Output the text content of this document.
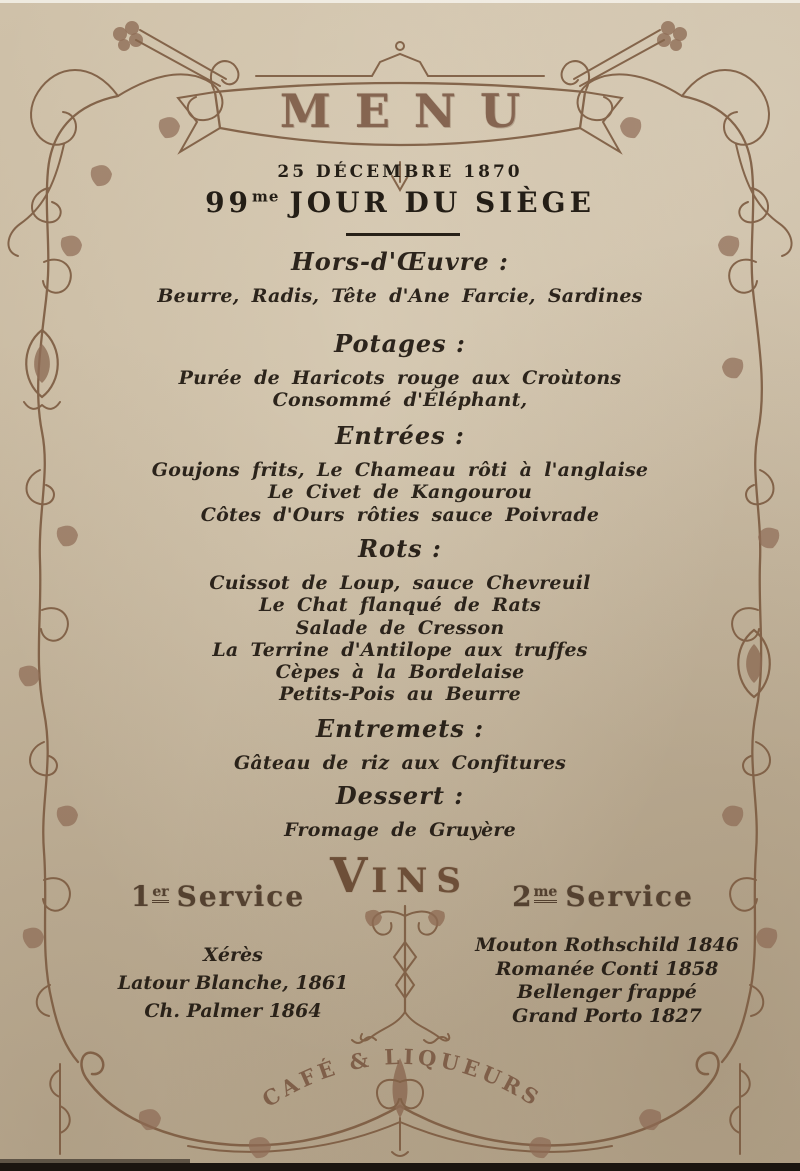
CAFÉ & LIQUEURS
MENU
25 DÉCEMBRE 1870
$99^{me}$ JOUR DU SIÈGE
Hors-d'Œuvre :
Beurre, Radis, Tête d'Ane Farcie, Sardines
Potages :
Purée de Haricots rouge aux Croùtons
Consommé d'Éléphant,
Entrées :
Goujons frits, Le Chameau rôti à l'anglaise
Le Civet de Kangourou
Côtes d'Ours rôties sauce Poivrade
Rots :
Cuissot de Loup, sauce Chevreuil
Le Chat flanqué de Rats
Salade de Cresson
La Terrine d'Antilope aux truffes
Cèpes à la Bordelaise
Petits-Pois au Beurre
Entremets :
Gâteau de riz aux Confitures
Dessert :
Fromage de Gruyère
VINS
1er Service	$2^{me}$ Service
Xérès
Latour Blanche, 1861
Ch. Palmer 1864
Mouton Rothschild 1846
Romanée Conti 1858
Bellenger frappé
Grand Porto 1827
